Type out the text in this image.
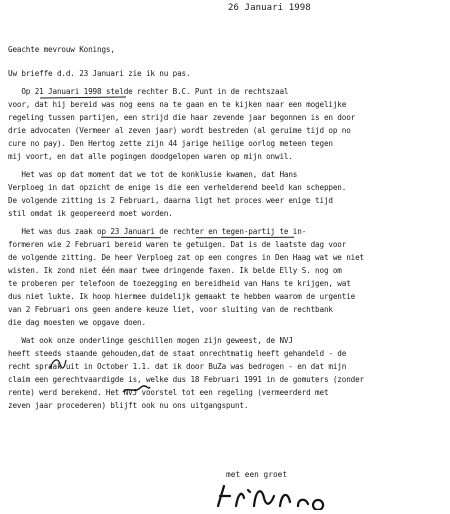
26 Januari 1998

Geachte mevrouw Konings,

Uw brieffe d.d. 23 Januari zie ik nu pas.

Op 21 Januari 1998 stelde rechter B.C. Punt in de rechtszaal

voor, dat hij bereid was nog eens na te gaan en te kijken naar een mogelijke

regeling tussen partijen, een strijd die haar zevende jaar begonnen is en door

drie advocaten (Vermeer al zeven jaar) wordt bestreden (al geruime tijd op no

cure no pay). Den Hertog zette zijn 44 jarige heilige oorlog meteen tegen

mij voort, en dat alle pogingen doodgelopen waren op mijn onwil.

Het was op dat moment dat we tot de konklusie kwamen, dat Hans

Verploeg in dat opzicht de enige is die een verhelderend beeld kan scheppen.

De volgende zitting is 2 Februari, daarna ligt het proces weer enige tijd

stil omdat ik geopereerd moet worden.

Het was dus zaak op 23 Januari de rechter en tegen-partij te in-

formeren wie 2 Februari bereid waren te getuigen. Dat is de laatste dag voor

de volgende zitting. De heer Verploeg zat op een congres in Den Haag wat we niet

wisten. Ik zond niet één maar twee dringende faxen. Ik belde Elly S. nog om

te proberen per telefoon de toezegging en bereidheid van Hans te krijgen, wat

dus niet lukte. Ik hoop hiermee duidelijk gemaakt te hebben waarom de urgentie

van 2 Februari ons geen andere keuze liet, voor sluiting van de rechtbank

die dag moesten we opgave doen.

Wat ook onze onderlinge geschillen mogen zijn geweest, de NVJ

heeft steeds staande gehouden,dat de staat onrechtmatig heeft gehandeld - de

recht spraak uit in October 1.1. dat ik door BuZa was bedrogen - en dat mijn

claim een gerechtvaardigde is, welke dus 18 Februari 1991 in de gomuters (zonder

rente) werd berekend. Het NVJ voorstel tot een regeling (vermeerderd met

zeven jaar procederen) blijft ook nu ons uitgangspunt.

met een groet
